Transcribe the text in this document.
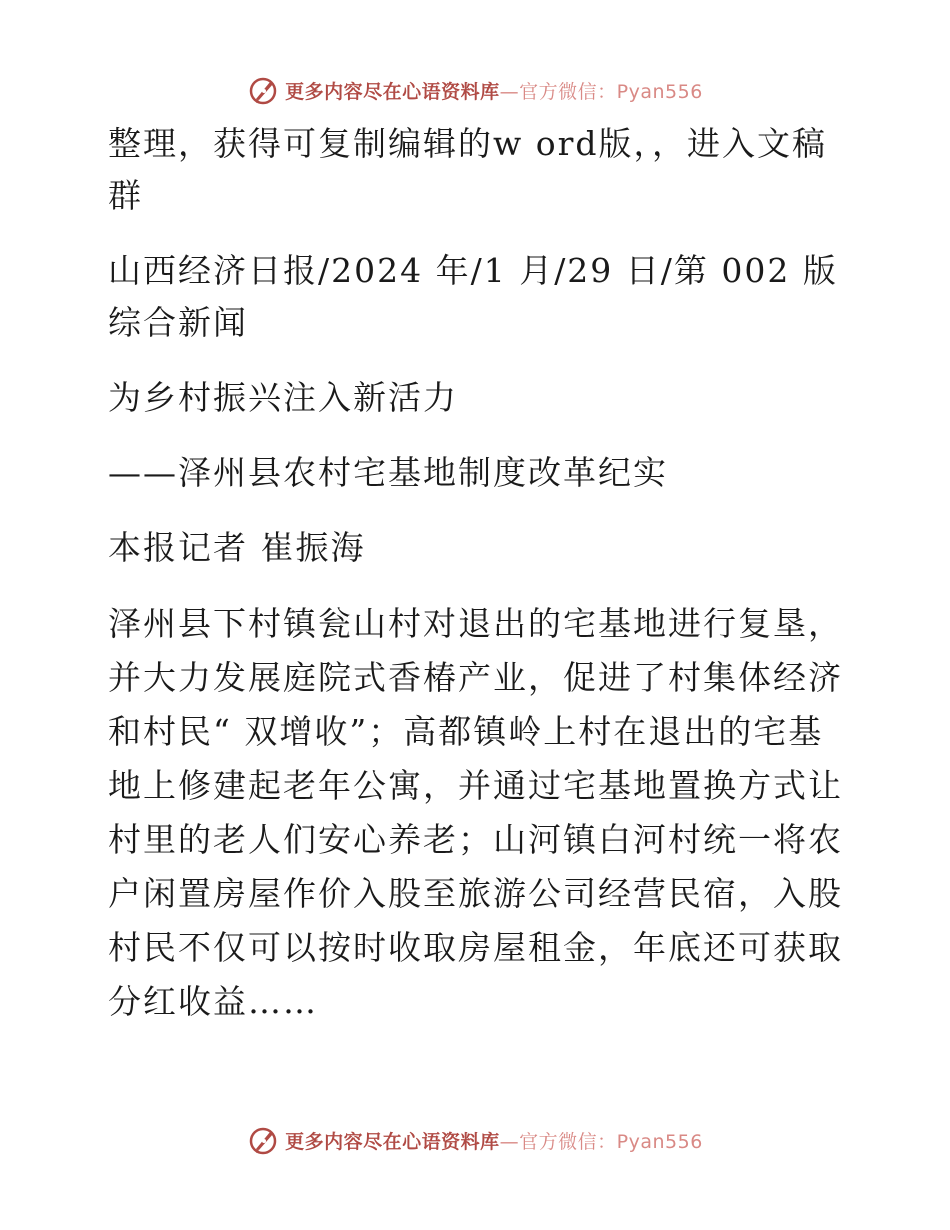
更多内容尽在心语资料库—官方微信：Pyan556

整理，获得可复制编辑的w ord版，，进入文稿群

山西经济日报/2024 年/1 月/29 日/第 002 版综合新闻

为乡村振兴注入新活力

——泽州县农村宅基地制度改革纪实

本报记者 崔振海

泽州县下村镇瓮山村对退出的宅基地进行复垦，并大力发展庭院式香椿产业，促进了村集体经济和村民“ 双增收”；高都镇岭上村在退出的宅基地上修建起老年公寓，并通过宅基地置换方式让村里的老人们安心养老；山河镇白河村统一将农户闲置房屋作价入股至旅游公司经营民宿，入股村民不仅可以按时收取房屋租金，年底还可获取分红收益……

更多内容尽在心语资料库—官方微信：Pyan556
